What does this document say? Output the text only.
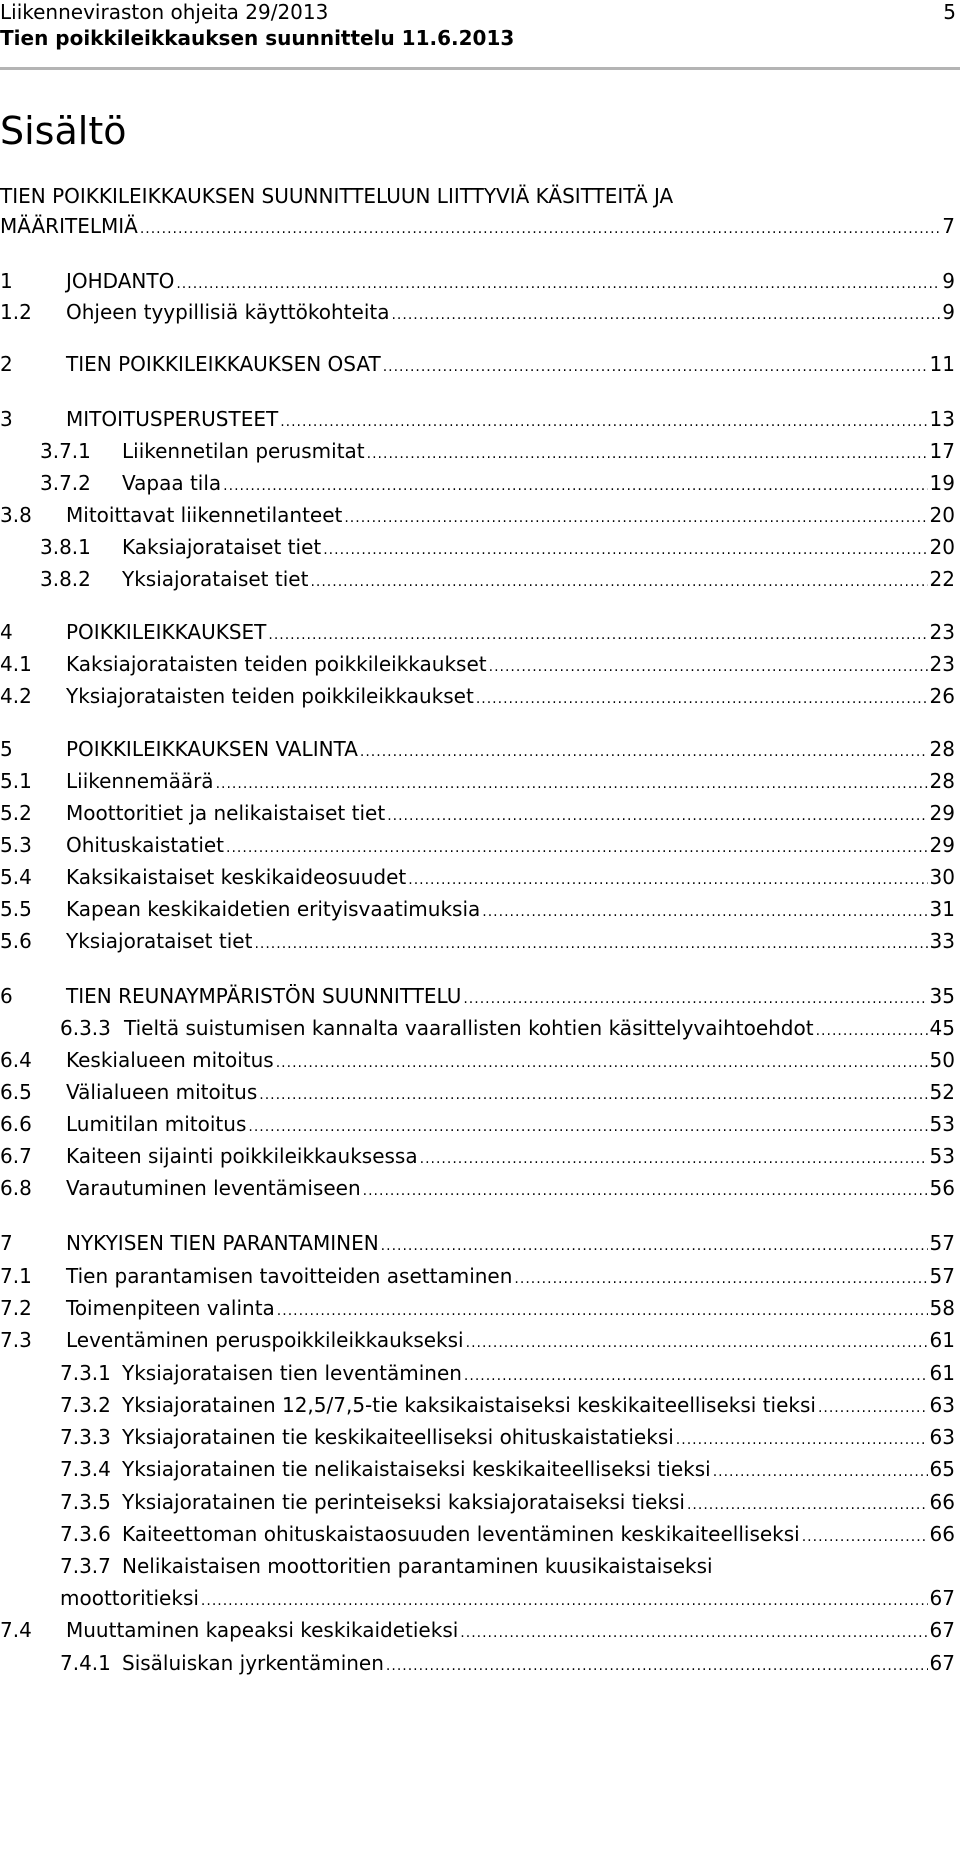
Liikenneviraston ohjeita 29/2013
Tien poikkileikkauksen suunnittelu 11.6.2013
5
Sisältö
TIEN POIKKILEIKKAUKSEN SUUNNITTELUUN LIITTYVIÄ KÄSITTEITÄ JA
MÄÄRITELMIÄ .....	7
1	JOHDANTO .....	9
1.2 Ohjeen tyypillisiä käyttökohteita .....	9
2	TIEN POIKKILEIKKAUKSEN OSAT .....	11
3	MITOITUSPERUSTEET .....	13
3.7.1 Liikennetilan perusmitat .....	17
3.7.2 Vapaa tila .....	19
3.8 Mitoittavat liikennetilanteet .....	20
3.8.1 Kaksiajorataiset tiet .....	20
3.8.2 Yksiajorataiset tiet .....	22
4	POIKKILEIKKAUKSET .....	23
4.1 Kaksiajorataisten teiden poikkileikkaukset .....	23
4.2 Yksiajorataisten teiden poikkileikkaukset .....	26
5	POIKKILEIKKAUKSEN VALINTA .....	28
5.1 Liikennemäärä .....	28
5.2 Moottoritiet ja nelikaistaiset tiet .....	29
5.3 Ohituskaistatiet .....	29
5.4 Kaksikaistaiset keskikaideosuudet .....	30
5.5 Kapean keskikaidetien erityisvaatimuksia .....	31
5.6 Yksiajorataiset tiet .....	33
6	TIEN REUNAYMPÄRISTÖN SUUNNITTELU .....	35
6.3.3 Tieltä suistumisen kannalta vaarallisten kohtien käsittelyvaihtoehdot .....	45
6.4 Keskialueen mitoitus .....	50
6.5 Välialueen mitoitus .....	52
6.6 Lumitilan mitoitus .....	53
6.7 Kaiteen sijainti poikkileikkauksessa .....	53
6.8 Varautuminen leventämiseen .....	56
7	NYKYISEN TIEN PARANTAMINEN .....	57
7.1 Tien parantamisen tavoitteiden asettaminen .....	57
7.2 Toimenpiteen valinta .....	58
7.3 Leventäminen peruspoikkileikkaukseksi .....	61
7.3.1 Yksiajorataisen tien leventäminen .....	61
7.3.2 Yksiajoratainen 12,5/7,5-tie kaksikaistaiseksi keskikaiteelliseksi tieksi .....	63
7.3.3 Yksiajoratainen tie keskikaiteelliseksi ohituskaistatieksi .....	63
7.3.4 Yksiajoratainen tie nelikaistaiseksi keskikaiteelliseksi tieksi .....	65
7.3.5 Yksiajoratainen tie perinteiseksi kaksiajorataiseksi tieksi .....	66
7.3.6 Kaiteettoman ohituskaistaosuuden leventäminen keskikaiteelliseksi .....	66
7.3.7 Nelikaistaisen moottoritien parantaminen kuusikaistaiseksi
moottoritieksi .....	67
7.4 Muuttaminen kapeaksi keskikaidetieksi .....	67
7.4.1 Sisäluiskan jyrkentäminen .....	67
